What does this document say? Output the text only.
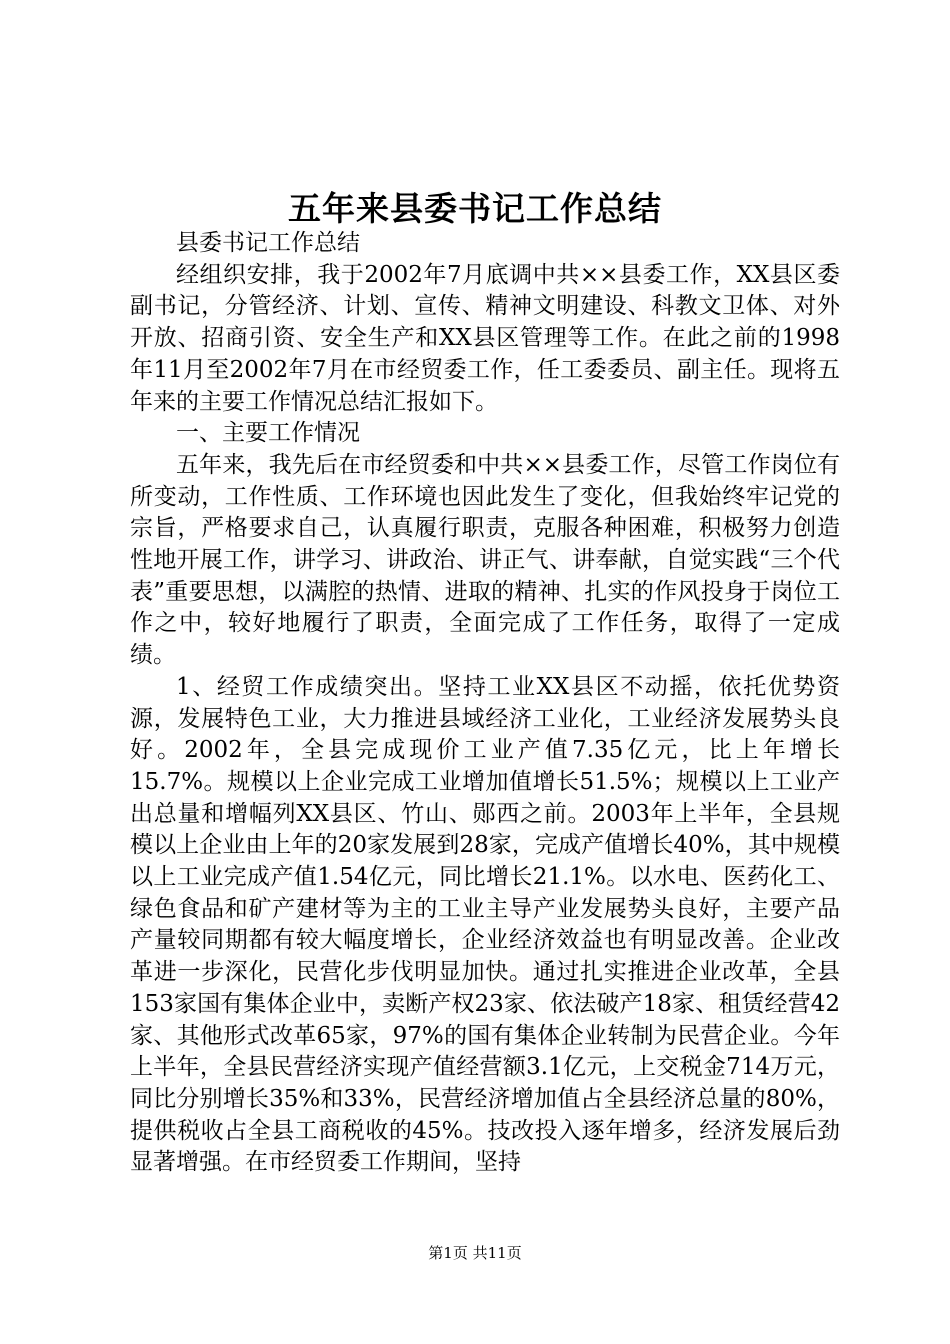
五年来县委书记工作总结

县委书记工作总结

经组织安排，我于2002年7月底调中共××县委工作，XX县区委副书记，分管经济、计划、宣传、精神文明建设、科教文卫体、对外开放、招商引资、安全生产和XX县区管理等工作。在此之前的1998年11月至2002年7月在市经贸委工作，任工委委员、副主任。现将五年来的主要工作情况总结汇报如下。

一、主要工作情况

五年来，我先后在市经贸委和中共××县委工作，尽管工作岗位有所变动，工作性质、工作环境也因此发生了变化，但我始终牢记党的宗旨，严格要求自己，认真履行职责，克服各种困难，积极努力创造性地开展工作，讲学习、讲政治、讲正气、讲奉献，自觉实践“三个代表”重要思想，以满腔的热情、进取的精神、扎实的作风投身于岗位工作之中，较好地履行了职责，全面完成了工作任务，取得了一定成绩。

1、经贸工作成绩突出。坚持工业XX县区不动摇，依托优势资源，发展特色工业，大力推进县域经济工业化，工业经济发展势头良好。2002年，全县完成现价工业产值7.35亿元，比上年增长15.7%。规模以上企业完成工业增加值增长51.5%；规模以上工业产出总量和增幅列XX县区、竹山、郧西之前。2003年上半年，全县规模以上企业由上年的20家发展到28家，完成产值增长40%，其中规模以上工业完成产值1.54亿元，同比增长21.1%。以水电、医药化工、绿色食品和矿产建材等为主的工业主导产业发展势头良好，主要产品产量较同期都有较大幅度增长，企业经济效益也有明显改善。企业改革进一步深化，民营化步伐明显加快。通过扎实推进企业改革，全县153家国有集体企业中，卖断产权23家、依法破产18家、租赁经营42家、其他形式改革65家，97%的国有集体企业转制为民营企业。今年上半年，全县民营经济实现产值经营额3.1亿元，上交税金714万元，同比分别增长35%和33%，民营经济增加值占全县经济总量的80%，提供税收占全县工商税收的45%。技改投入逐年增多，经济发展后劲显著增强。在市经贸委工作期间，坚持

第1页 共11页
